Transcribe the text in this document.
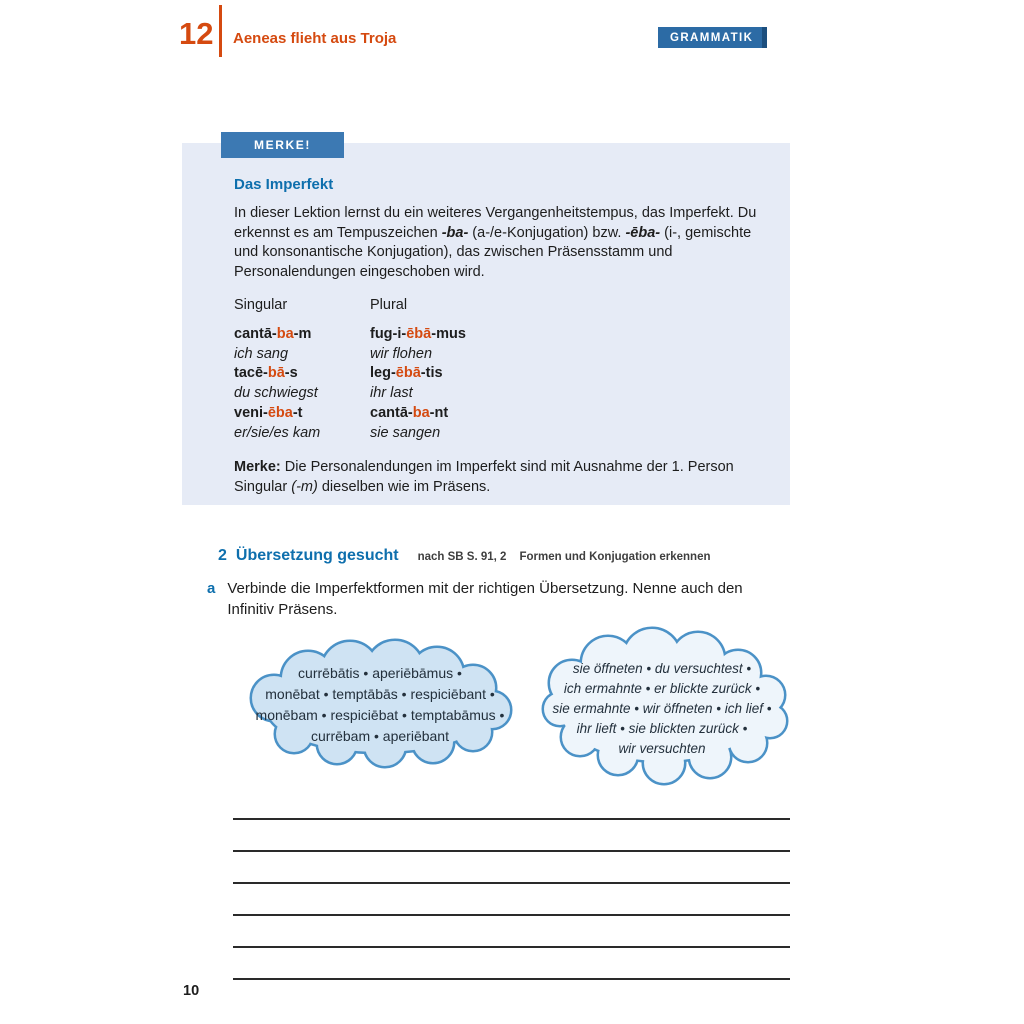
12 Aeneas flieht aus Troja	GRAMMATIK
MERKE!
Das Imperfekt

In dieser Lektion lernst du ein weiteres Vergangenheitstempus, das Imperfekt. Du erkennst es am Tempuszeichen -ba- (a-/e-Konjugation) bzw. -ēba- (i-, gemischte und konsonantische Konjugation), das zwischen Präsensstamm und Personalendungen eingeschoben wird.

Singular	Plural
cantā-ba-m	fug-i-ēbā-mus
ich sang	wir flohen
tacē-bā-s	leg-ēbā-tis
du schwiegst	ihr last
veni-ēba-t	cantā-ba-nt
er/sie/es kam	sie sangen

Merke: Die Personalendungen im Imperfekt sind mit Ausnahme der 1. Person Singular (-m) dieselben wie im Präsens.

2 Übersetzung gesucht nach SB S. 91, 2 Formen und Konjugation erkennen
a Verbinde die Imperfektformen mit der richtigen Übersetzung. Nenne auch den Infinitiv Präsens.

currēbātis • aperiēbāmus •
monēbat • temptābās • respiciēbant •
monēbam • respiciēbat • temptabāmus •
currēbam • aperiēbant
sie öffneten • du versuchtest •
ich ermahnte • er blickte zurück •
sie ermahnte • wir öffneten • ich lief •
ihr lieft • sie blickten zurück •
wir versuchten
10
